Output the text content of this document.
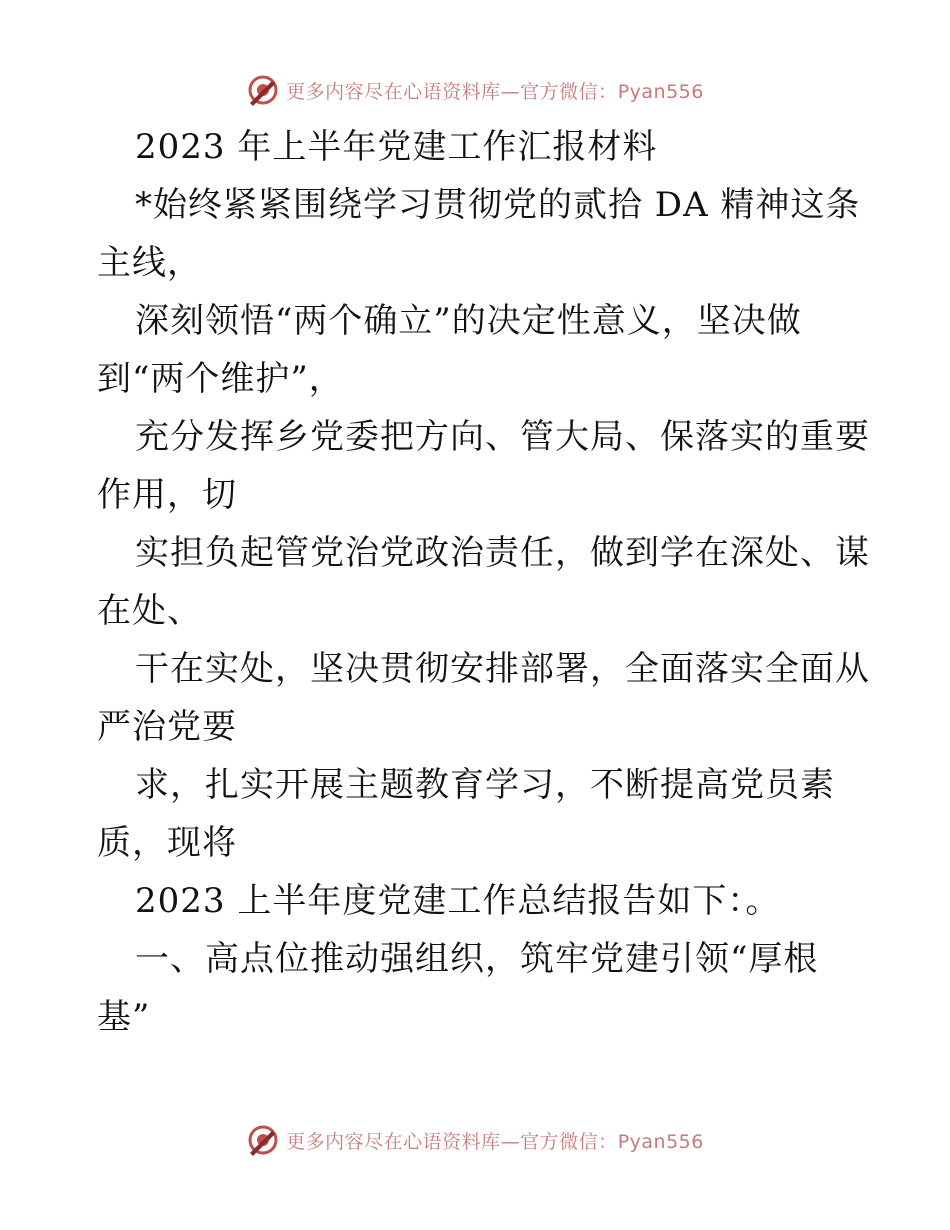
更多内容尽在心语资料库—官方微信：Pyan556
2023 年上半年党建工作汇报材料
*始终紧紧围绕学习贯彻党的贰拾 DA 精神这条
主线，
深刻领悟“两个确立”的决定性意义，坚决做
到“两个维护”，
充分发挥乡党委把方向、管大局、保落实的重要
作用，切
实担负起管党治党政治责任，做到学在深处、谋
在处、
干在实处，坚决贯彻安排部署，全面落实全面从
严治党要
求，扎实开展主题教育学习，不断提高党员素
质，现将
2023 上半年度党建工作总结报告如下：。
一、高点位推动强组织，筑牢党建引领“厚根
基”
更多内容尽在心语资料库—官方微信：Pyan556
